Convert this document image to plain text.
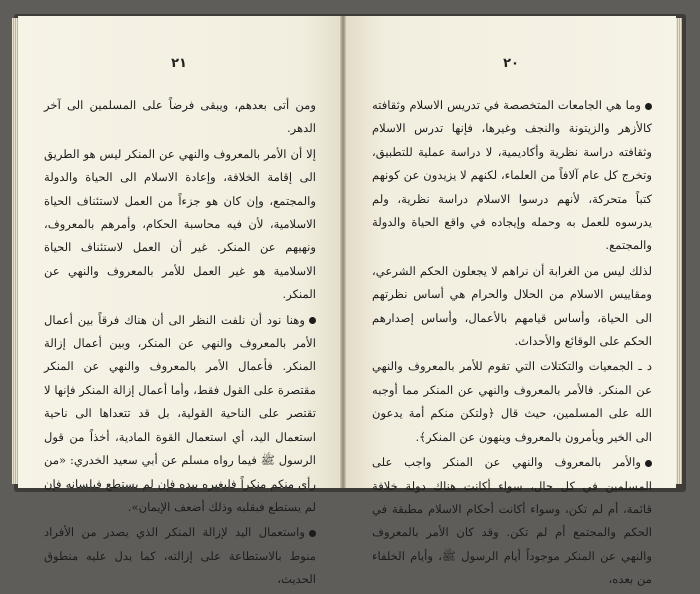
٢١

ومن أتى بعدهم، ويبقى فرضاً على المسلمين الى آخر الدهر.

إلا أن الأمر بالمعروف والنهي عن المنكر ليس هو الطريق الى إقامة الخلافة، وإعادة الاسلام الى الحياة والدولة والمجتمع، وإن كان هو جزءاً من العمل لاستئناف الحياة الاسلامية، لأن فيه محاسبة الحكام، وأمرهم بالمعروف، ونهيهم عن المنكر. غير أن العمل لاستئناف الحياة الاسلامية هو غير العمل للأمر بالمعروف والنهي عن المنكر.

وهنا نود أن نلفت النظر الى أن هناك فرقاً بين أعمال الأمر بالمعروف والنهي عن المنكر، وبين أعمال إزالة المنكر. فأعمال الأمر بالمعروف والنهي عن المنكر مقتصرة على القول فقط، وأما أعمال إزالة المنكر فإنها لا تقتصر على الناحية القولية، بل قد تتعداها الى ناحية استعمال اليد، أي استعمال القوة المادية، أخذاً من قول الرسول ﷺ فيما رواه مسلم عن أبي سعيد الخدري: «من رأى منكم منكراً فليغيره بيده فإن لم يستطع فبلسانه فإن لم يستطع فبقلبه وذلك أضعف الإيمان».

واستعمال اليد لإزالة المنكر الذي يصدر من الأفراد منوط بالاستطاعة على إزالته، كما يدل عليه منطوق الحديث،

٢٠

وما هي الجامعات المتخصصة في تدريس الاسلام وثقافته كالأزهر والزيتونة والنجف وغيرها، فإنها تدرس الاسلام وثقافته دراسة نظرية وأكاديمية، لا دراسة عملية للتطبيق، وتخرج كل عام آلافاً من العلماء، لكنهم لا يزيدون عن كونهم كتباً متحركة، لأنهم درسوا الاسلام دراسة نظرية، ولم يدرسوه للعمل به وحمله وإيجاده في واقع الحياة والدولة والمجتمع.

لذلك ليس من الغرابة أن نراهم لا يجعلون الحكم الشرعي، ومقاييس الاسلام من الحلال والحرام هي أساس نظرتهم الى الحياة، وأساس قيامهم بالأعمال، وأساس إصدارهم الحكم على الوقائع والأحداث.

د ـ الجمعيات والتكتلات التي تقوم للأمر بالمعروف والنهي عن المنكر. فالأمر بالمعروف والنهي عن المنكر مما أوجبه الله على المسلمين، حيث قال ﴿ولتكن منكم أمة يدعون الى الخير ويأمرون بالمعروف وينهون عن المنكر﴾.

والأمر بالمعروف والنهي عن المنكر واجب على المسلمين في كل حال، سواء أكانت هناك دولة خلافة قائمة، أم لم تكن، وسواء أكانت أحكام الاسلام مطبقة في الحكم والمجتمع أم لم تكن. وقد كان الأمر بالمعروف والنهي عن المنكر موجوداً أيام الرسول ﷺ، وأيام الخلفاء من بعده،
